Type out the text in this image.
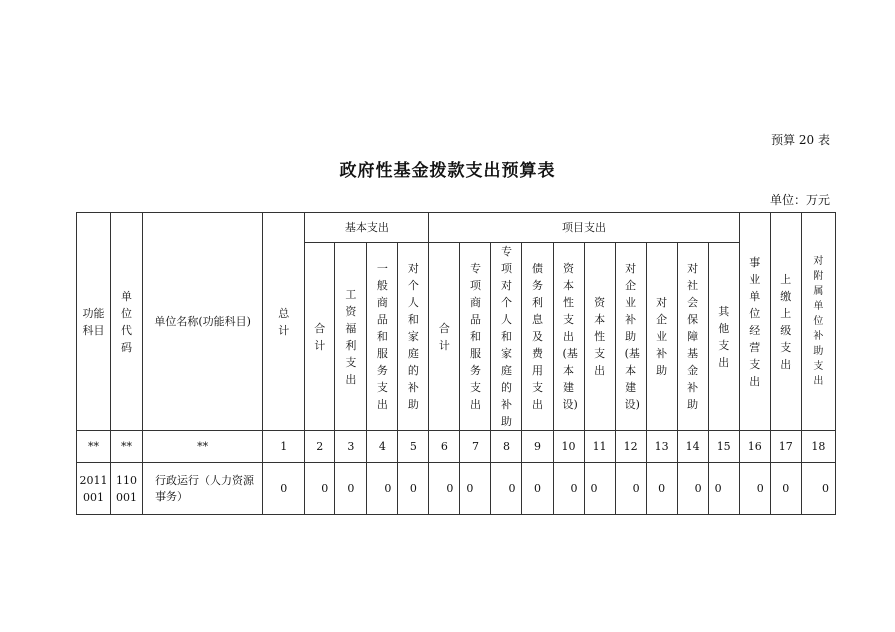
预算 20 表
政府性基金拨款支出预算表
单位：万元
功能科目	单位代码	单位名称(功能科目)	总计	基本支出				项目支出										事业单位经营支出	上缴上级支出	对附属单位补助支出
				合计	工资福利支出	一般商品和服务支出	对个人和家庭的补助	合计	专项商品和服务支出	专项对个人和家庭的补助	债务利息及费用支出	资本性支出(基本建设)	资本性支出	对企业补助(基本建设)	对企业补助	对社会保障基金补助	其他支出			
**	**	**	1	2	3	4	5	6	7	8	9	10	11	12	13	14	15	16	17	18
2011 001	110 001	行政运行（人力资源事务）	0	0	0	0	0	0	0	0	0	0	0	0	0	0	0	0	0	0
